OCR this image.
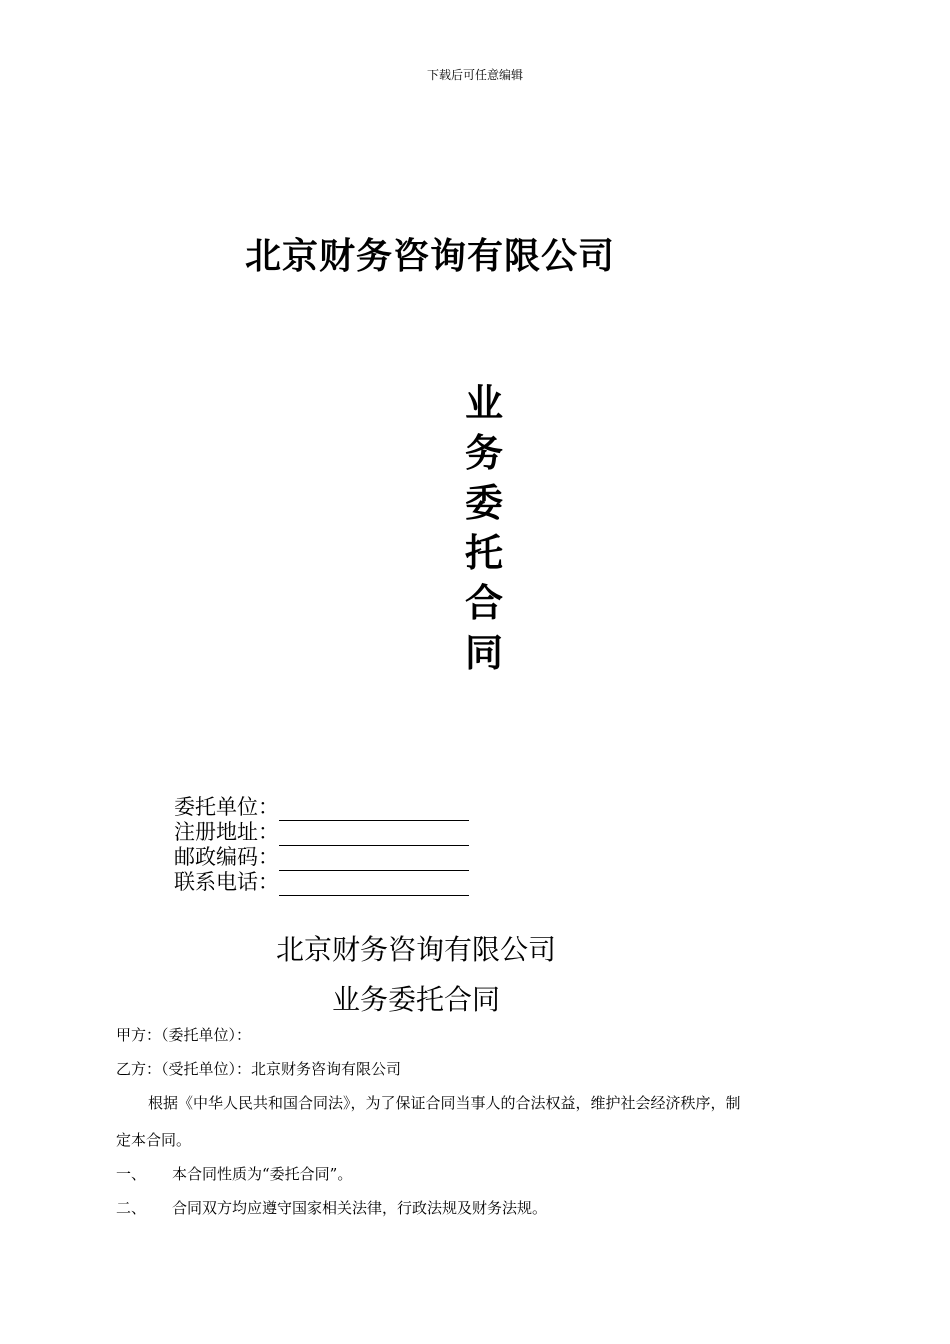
下载后可任意编辑
北京财务咨询有限公司
业
务
委
托
合
同
委托单位：
注册地址：
邮政编码：
联系电话：
北京财务咨询有限公司
业务委托合同
甲方：（委托单位）：
乙方：（受托单位）：北京财务咨询有限公司
根据《中华人民共和国合同法》，为了保证合同当事人的合法权益，维护社会经济秩序，制
定本合同。
一、 本合同性质为“委托合同”。
二、 合同双方均应遵守国家相关法律，行政法规及财务法规。
